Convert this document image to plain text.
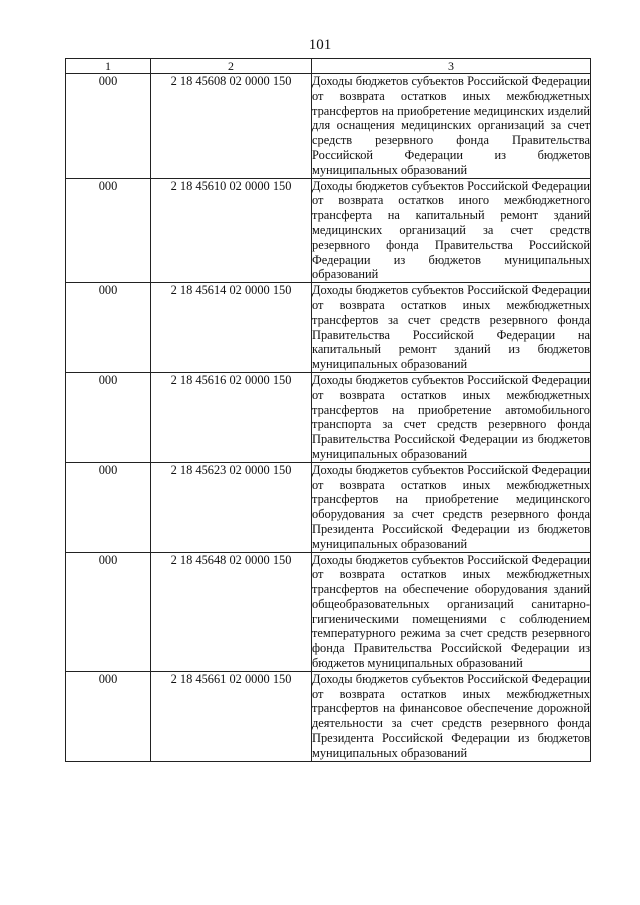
101
1	2	3
000	2 18 45608 02 0000 150	Доходы бюджетов субъектов Российской Федерации от возврата остатков иных межбюджетных трансфертов на приобретение медицинских изделий для оснащения медицинских организаций за счет средств резервного фонда Правительства Российской Федерации из бюджетов муниципальных образований
000	2 18 45610 02 0000 150	Доходы бюджетов субъектов Российской Федерации от возврата остатков иного межбюджетного трансферта на капитальный ремонт зданий медицинских организаций за счет средств резервного фонда Правительства Российской Федерации из бюджетов муниципальных образований
000	2 18 45614 02 0000 150	Доходы бюджетов субъектов Российской Федерации от возврата остатков иных межбюджетных трансфертов за счет средств резервного фонда Правительства Российской Федерации на капитальный ремонт зданий из бюджетов муниципальных образований
000	2 18 45616 02 0000 150	Доходы бюджетов субъектов Российской Федерации от возврата остатков иных межбюджетных трансфертов на приобретение автомобильного транспорта за счет средств резервного фонда Правительства Российской Федерации из бюджетов муниципальных образований
000	2 18 45623 02 0000 150	Доходы бюджетов субъектов Российской Федерации от возврата остатков иных межбюджетных трансфертов на приобретение медицинского оборудования за счет средств резервного фонда Президента Российской Федерации из бюджетов муниципальных образований
000	2 18 45648 02 0000 150	Доходы бюджетов субъектов Российской Федерации от возврата остатков иных межбюджетных трансфертов на обеспечение оборудования зданий общеобразовательных организаций санитарно-гигиеническими помещениями с соблюдением температурного режима за счет средств резервного фонда Правительства Российской Федерации из бюджетов муниципальных образований
000	2 18 45661 02 0000 150	Доходы бюджетов субъектов Российской Федерации от возврата остатков иных межбюджетных трансфертов на финансовое обеспечение дорожной деятельности за счет средств резервного фонда Президента Российской Федерации из бюджетов муниципальных образований
